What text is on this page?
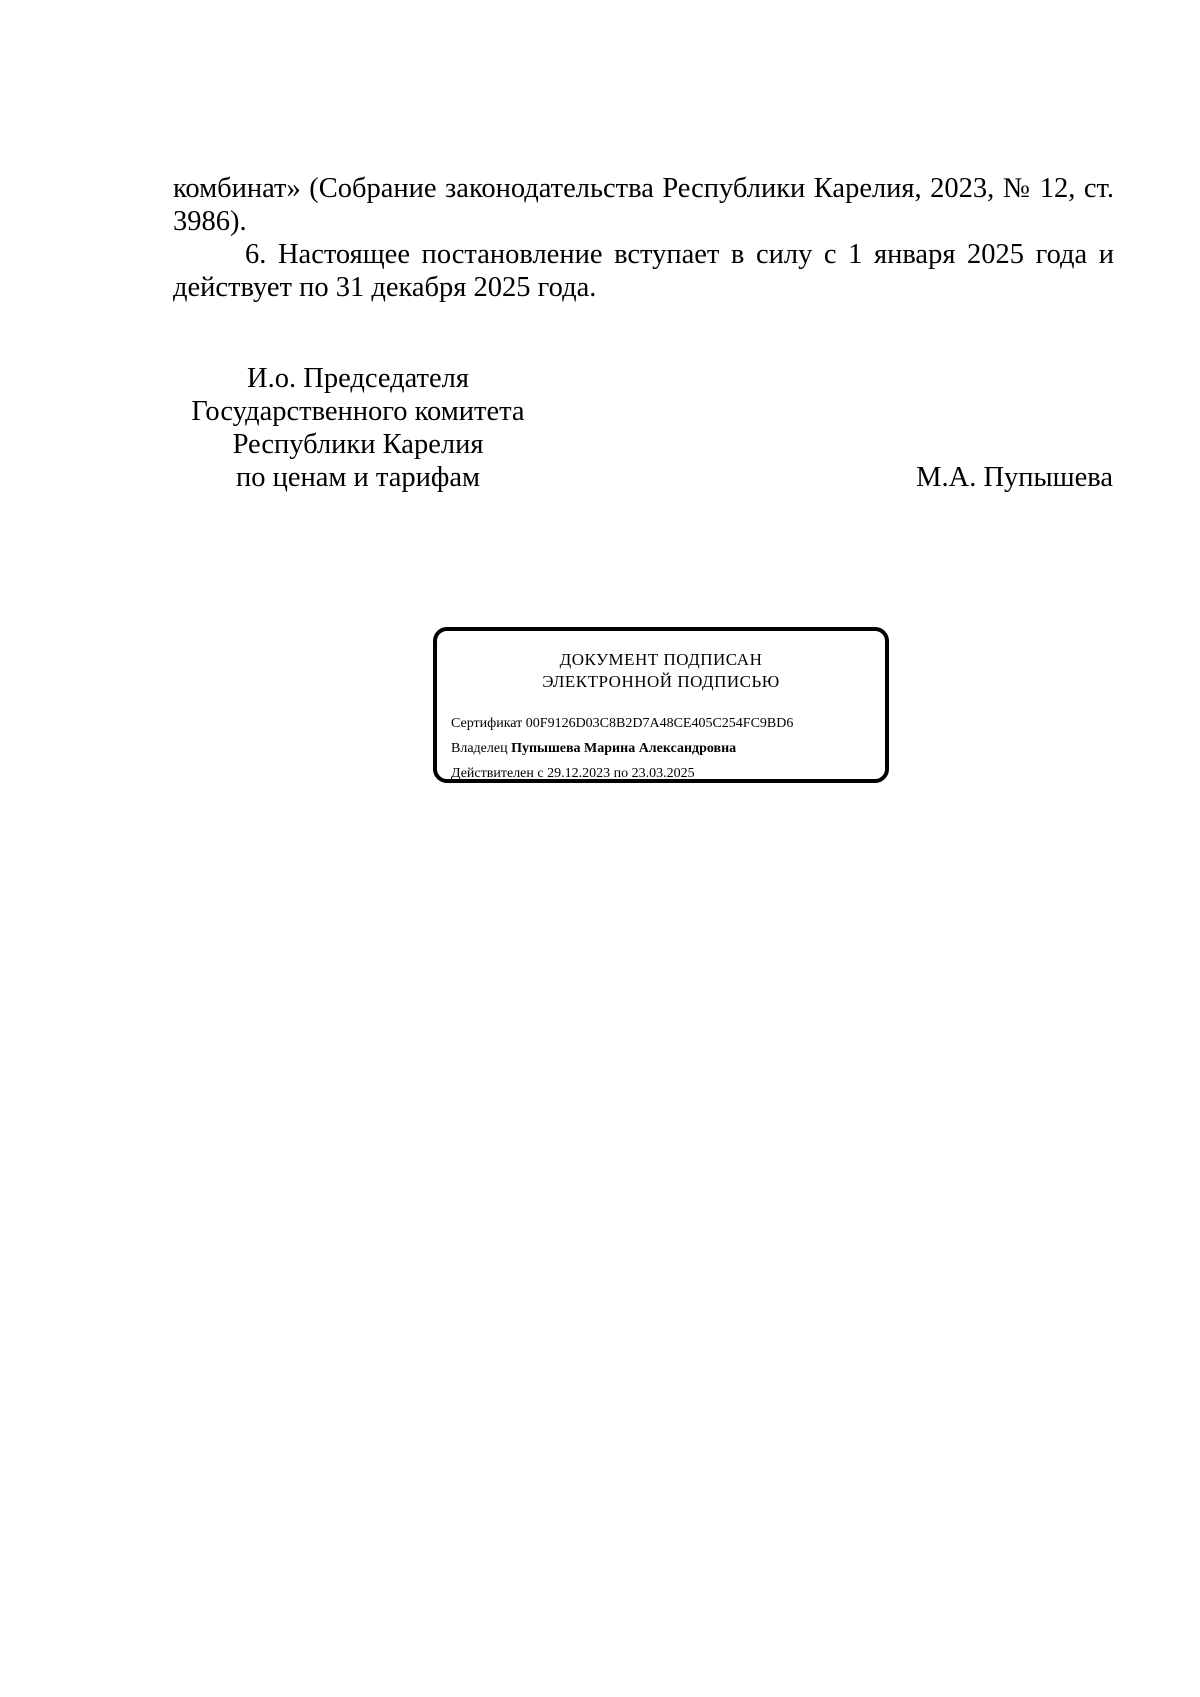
комбинат» (Собрание законодательства Республики Карелия, 2023, № 12, ст. 3986).

6. Настоящее постановление вступает в силу с 1 января 2025 года и действует по 31 декабря 2025 года.

И.о. Председателя
Государственного комитета
Республики Карелия
по ценам и тарифам	М.А. Пупышева
ДОКУМЕНТ ПОДПИСАН
ЭЛЕКТРОННОЙ ПОДПИСЬЮ
Сертификат 00F9126D03C8B2D7A48CE405C254FC9BD6
Владелец Пупышева Марина Александровна
Действителен с 29.12.2023 по 23.03.2025
